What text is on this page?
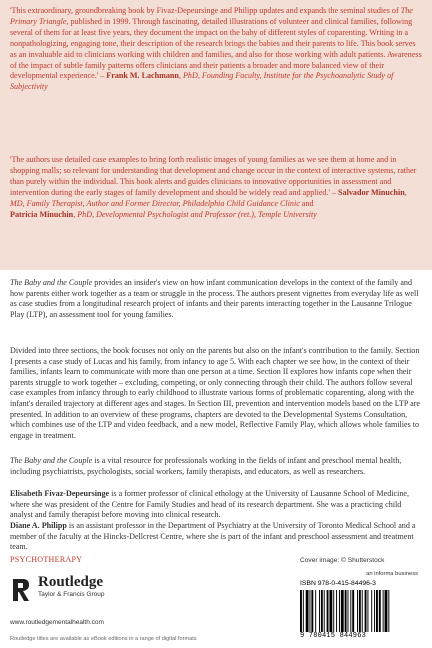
'This extraordinary, groundbreaking book by Fivaz-Depeursinge and Philipp updates and expands the seminal studies of The Primary Triangle, published in 1999. Through fascinating, detailed illustrations of volunteer and clinical families, following several of them for at least five years, they document the impact on the baby of different styles of coparenting. Writing in a nonpathologizing, engaging tone, their description of the research brings the babies and their parents to life. This book serves as an invaluable aid to clinicians working with children and families, and also for those working with adult patients. Awareness of the impact of subtle family patterns offers clinicians and their patients a broader and more balanced view of their developmental experience.' – Frank M. Lachmann, PhD, Founding Faculty, Institute for the Psychoanalytic Study of Subjectivity
'The authors use detailed case examples to bring forth realistic images of young families as we see them at home and in shopping malls; so relevant for understanding that development and change occur in the context of interactive systems, rather than purely within the individual. This book alerts and guides clinicians to innovative opportunities in assessment and intervention during the early stages of family development and should be widely read and applied.' – Salvador Minuchin, MD, Family Therapist, Author and Former Director, Philadelphia Child Guidance Clinic and
Patricia Minuchin, PhD, Developmental Psychologist and Professor (ret.), Temple University
The Baby and the Couple provides an insider's view on how infant communication develops in the context of the family and how parents either work together as a team or struggle in the process. The authors present vignettes from everyday life as well as case studies from a longitudinal research project of infants and their parents interacting together in the Lausanne Trilogue Play (LTP), an assessment tool for young families.
Divided into three sections, the book focuses not only on the parents but also on the infant's contribution to the family. Section I presents a case study of Lucas and his family, from infancy to age 5. With each chapter we see how, in the context of their families, infants learn to communicate with more than one person at a time. Section II explores how infants cope when their parents struggle to work together – excluding, competing, or only connecting through their child. The authors follow several case examples from infancy through to early childhood to illustrate various forms of problematic coparenting, along with the infant's derailed trajectory at different ages and stages. In Section III, prevention and intervention models based on the LTP are presented. In addition to an overview of these programs, chapters are devoted to the Developmental Systems Consultation, which combines use of the LTP and video feedback, and a new model, Reflective Family Play, which allows whole families to engage in treatment.
The Baby and the Couple is a vital resource for professionals working in the fields of infant and preschool mental health, including psychiatrists, psychologists, social workers, family therapists, and educators, as well as researchers.
Elisabeth Fivaz-Depeursinge is a former professor of clinical ethology at the University of Lausanne School of Medicine, where she was president of the Centre for Family Studies and head of its research department. She was a practicing child analyst and family therapist before moving into clinical research.
Diane A. Philipp is an assistant professor in the Department of Psychiatry at the University of Toronto Medical School and a member of the faculty at the Hincks-Dellcrest Centre, where she is part of the infant and preschool assessment and treatment team.
PSYCHOTHERAPY
Routledge
Taylor & Francis Group
www.routledgementalhealth.com
Routledge titles are available as eBook editions in a range of digital formats
Cover image: © Shutterstock
an informa business
ISBN 978-0-415-84496-3
9 780415 844963
